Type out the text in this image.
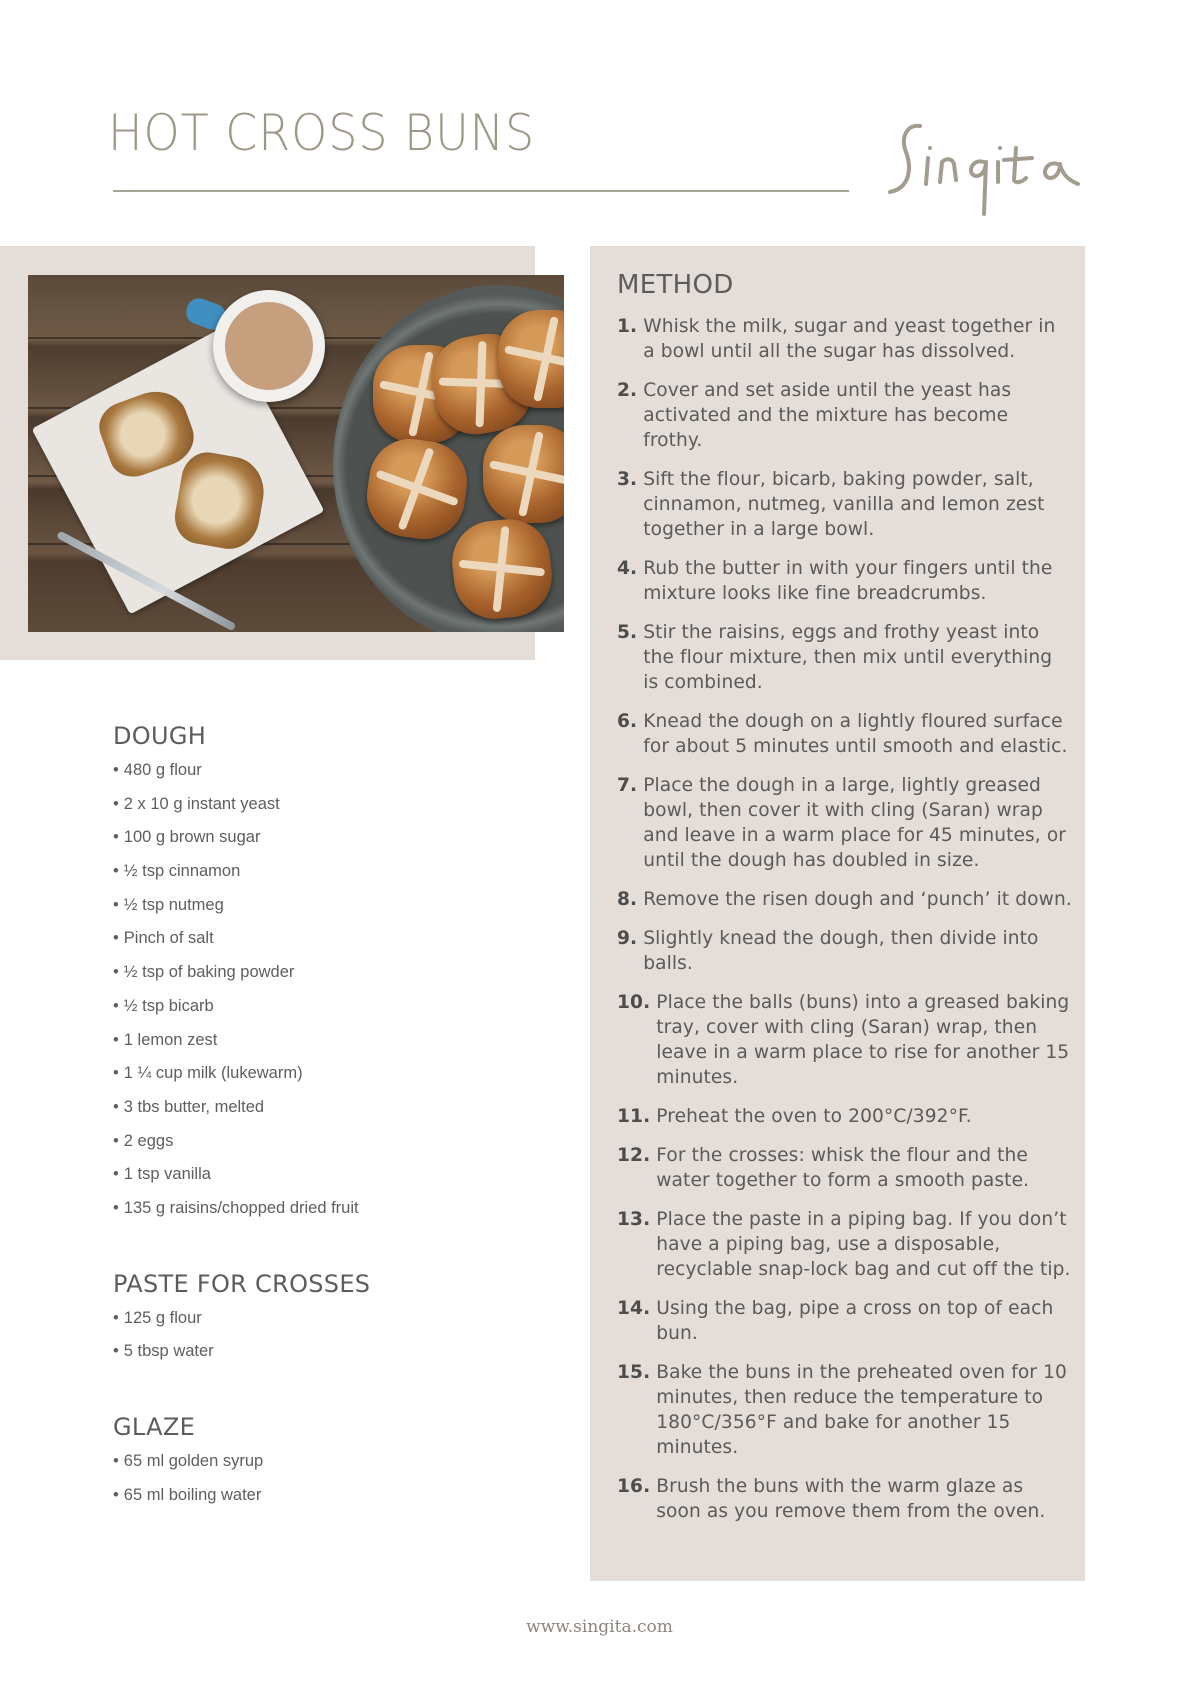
HOT CROSS BUNS
DOUGH
• 480 g flour
• 2 x 10 g instant yeast
• 100 g brown sugar
• ½ tsp cinnamon
• ½ tsp nutmeg
• Pinch of salt
• ½ tsp of baking powder
• ½ tsp bicarb
• 1 lemon zest
• 1 ¼ cup milk (lukewarm)
• 3 tbs butter, melted
• 2 eggs
• 1 tsp vanilla
• 135 g raisins/chopped dried fruit
PASTE FOR CROSSES
• 125 g flour
• 5 tbsp water
GLAZE
• 65 ml golden syrup
• 65 ml boiling water
METHOD
1. Whisk the milk, sugar and yeast together in a bowl until all the sugar has dissolved.
2. Cover and set aside until the yeast has activated and the mixture has become frothy.
3. Sift the flour, bicarb, baking powder, salt, cinnamon, nutmeg, vanilla and lemon zest together in a large bowl.
4. Rub the butter in with your fingers until the mixture looks like fine breadcrumbs.
5. Stir the raisins, eggs and frothy yeast into the flour mixture, then mix until everything is combined.
6. Knead the dough on a lightly floured surface for about 5 minutes until smooth and elastic.
7. Place the dough in a large, lightly greased bowl, then cover it with cling (Saran) wrap and leave in a warm place for 45 minutes, or until the dough has doubled in size.
8. Remove the risen dough and ‘punch’ it down.
9. Slightly knead the dough, then divide into balls.
10. Place the balls (buns) into a greased baking tray, cover with cling (Saran) wrap, then leave in a warm place to rise for another 15 minutes.
11. Preheat the oven to 200°C/392°F.
12. For the crosses: whisk the flour and the water together to form a smooth paste.
13. Place the paste in a piping bag. If you don’t have a piping bag, use a disposable, recyclable snap-lock bag and cut off the tip.
14. Using the bag, pipe a cross on top of each bun.
15. Bake the buns in the preheated oven for 10 minutes, then reduce the temperature to 180°C/356°F and bake for another 15 minutes.
16. Brush the buns with the warm glaze as soon as you remove them from the oven.
www.singita.com
